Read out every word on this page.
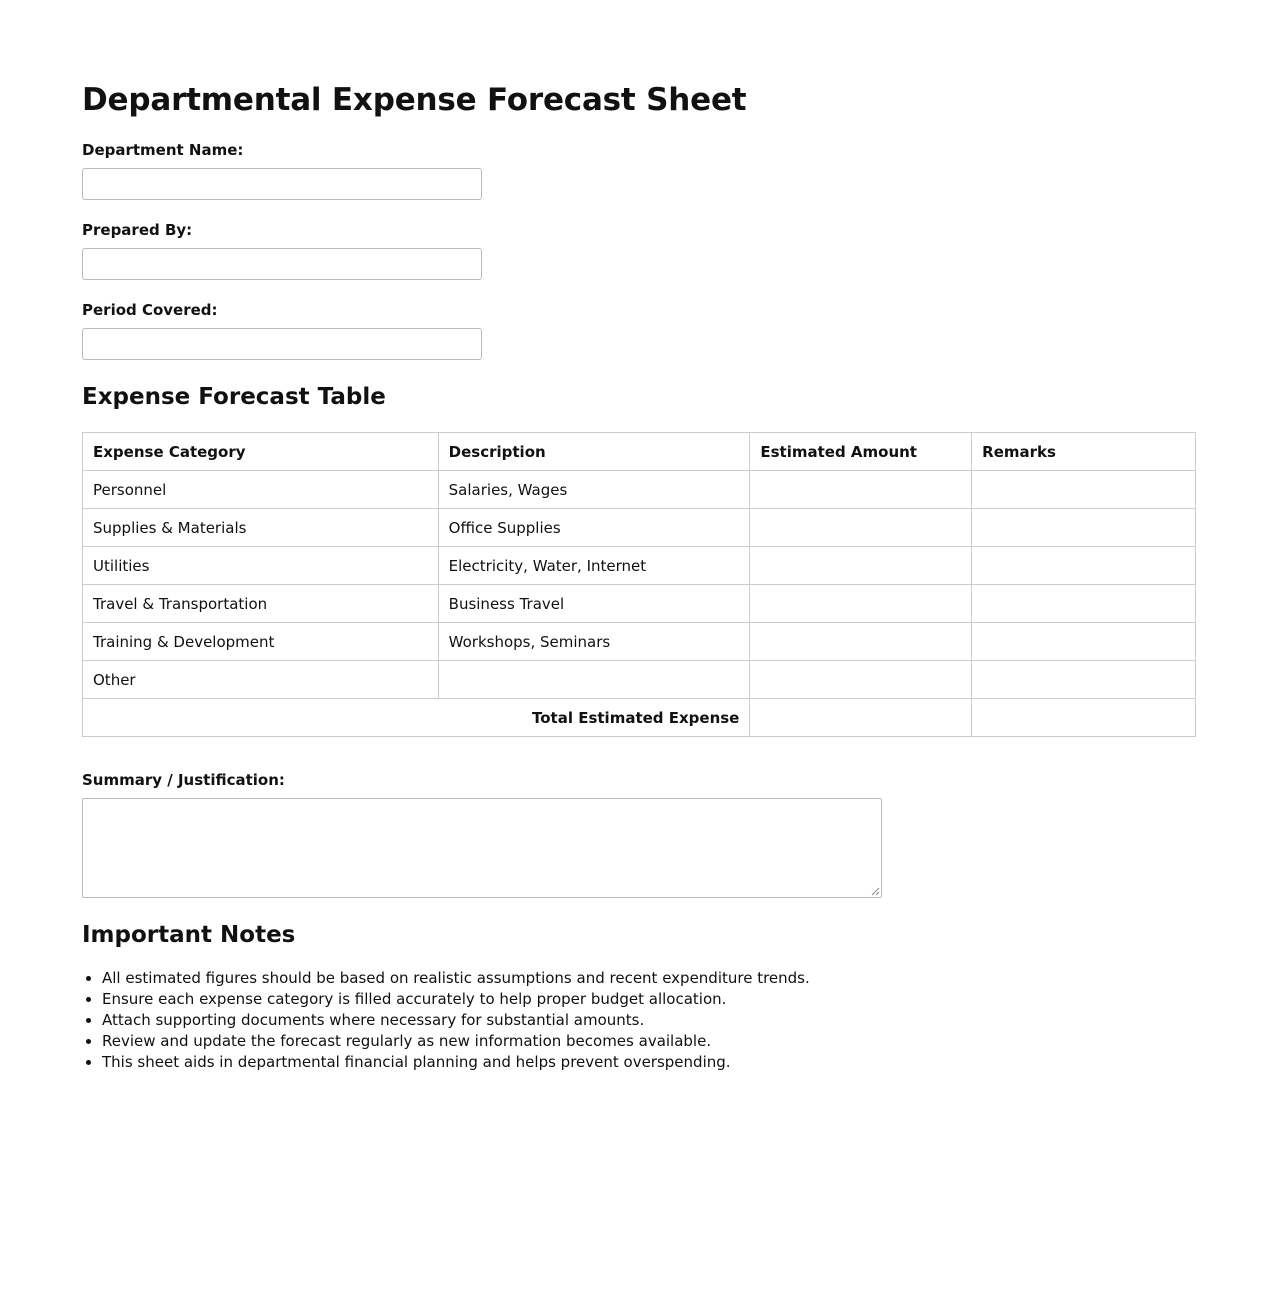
Departmental Expense Forecast Sheet
Department Name:
Prepared By:
Period Covered:
Expense Forecast Table
Expense Category	Description	Estimated Amount	Remarks
Personnel	Salaries, Wages		
Supplies & Materials	Office Supplies		
Utilities	Electricity, Water, Internet		
Travel & Transportation	Business Travel		
Training & Development	Workshops, Seminars		
Other			
Total Estimated Expense			
Summary / Justification:
Important Notes
• All estimated figures should be based on realistic assumptions and recent expenditure trends.
• Ensure each expense category is filled accurately to help proper budget allocation.
• Attach supporting documents where necessary for substantial amounts.
• Review and update the forecast regularly as new information becomes available.
• This sheet aids in departmental financial planning and helps prevent overspending.
